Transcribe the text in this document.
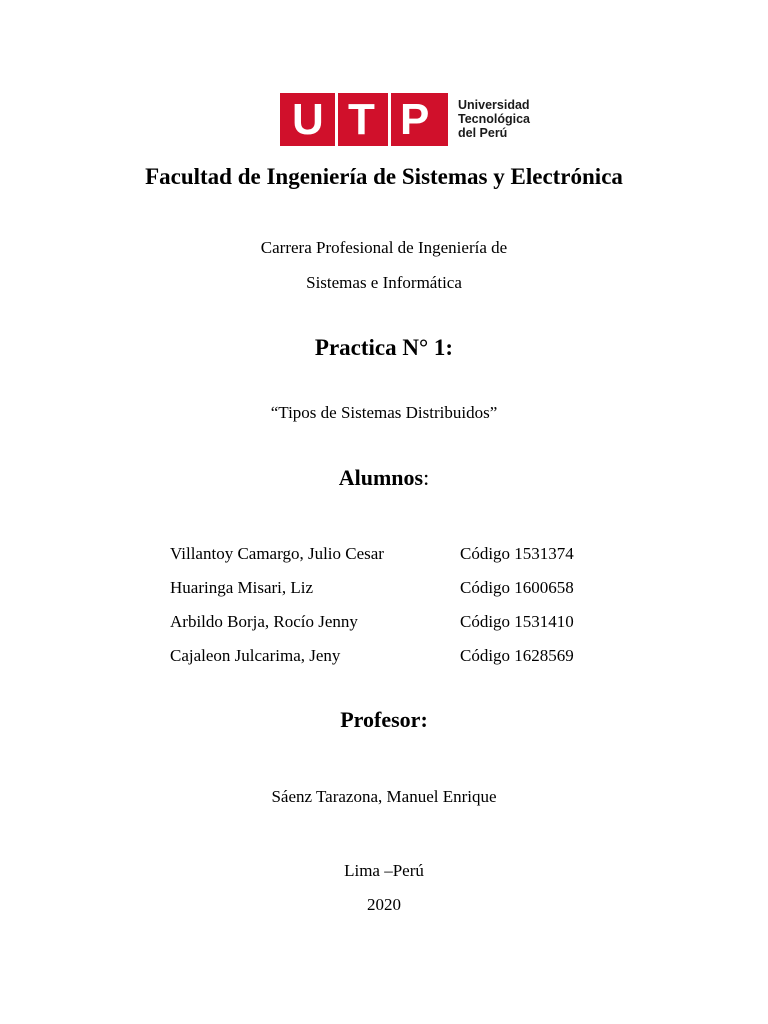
U T P Universidad
Tecnológica
del Perú
Facultad de Ingeniería de Sistemas y Electrónica
Carrera Profesional de Ingeniería de
Sistemas e Informática
Practica N° 1:
“Tipos de Sistemas Distribuidos”
Alumnos:
Villantoy Camargo, Julio Cesar	Código 1531374
Huaringa Misari, Liz	Código 1600658
Arbildo Borja, Rocío Jenny	Código 1531410
Cajaleon Julcarima, Jeny	Código 1628569
Profesor:
Sáenz Tarazona, Manuel Enrique
Lima –Perú
2020
